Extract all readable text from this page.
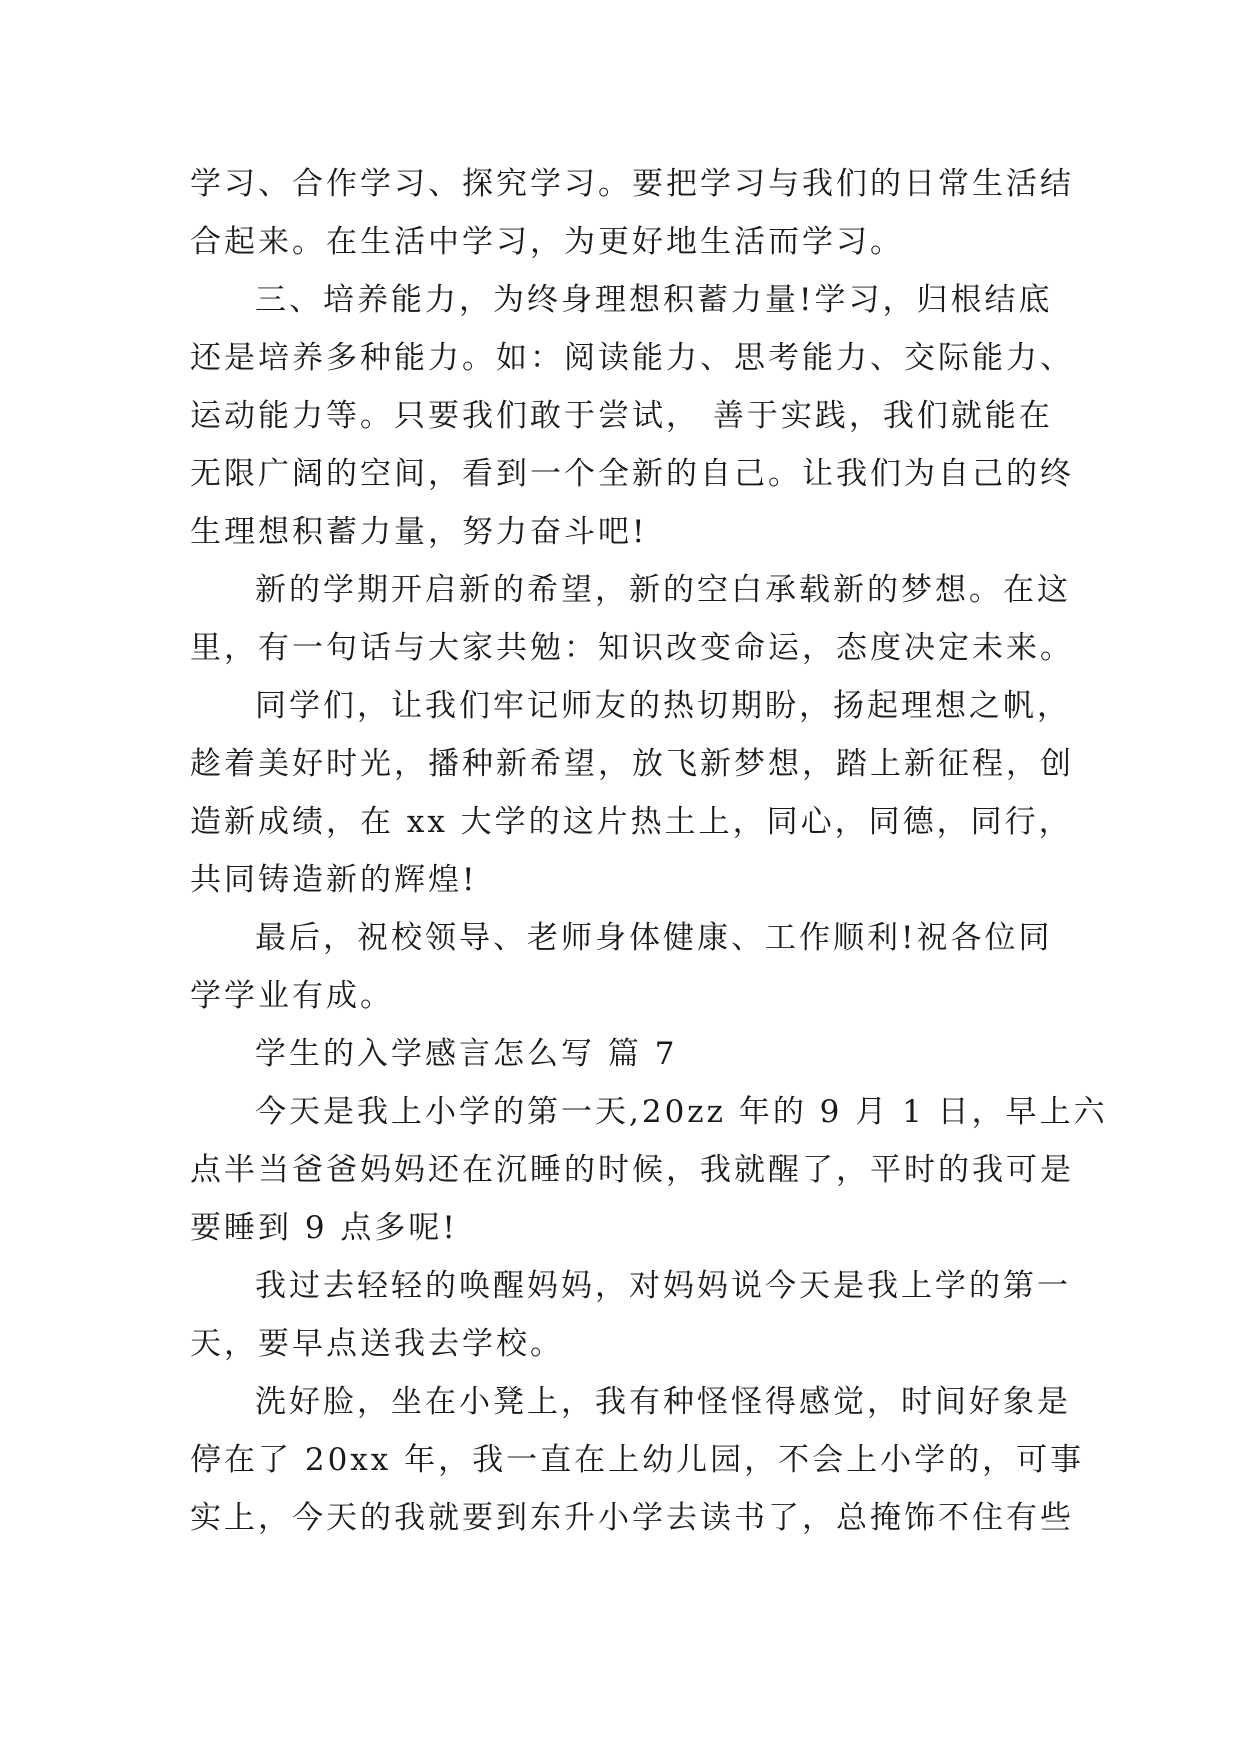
学习、合作学习、探究学习。要把学习与我们的日常生活结
合起来。在生活中学习，为更好地生活而学习。
三、培养能力，为终身理想积蓄力量!学习，归根结底
还是培养多种能力。如：阅读能力、思考能力、交际能力、
运动能力等。只要我们敢于尝试， 善于实践，我们就能在
无限广阔的空间，看到一个全新的自己。让我们为自己的终
生理想积蓄力量，努力奋斗吧!
新的学期开启新的希望，新的空白承载新的梦想。在这
里，有一句话与大家共勉：知识改变命运，态度决定未来。
同学们，让我们牢记师友的热切期盼，扬起理想之帆，
趁着美好时光，播种新希望，放飞新梦想，踏上新征程，创
造新成绩，在 xx 大学的这片热土上，同心，同德，同行，
共同铸造新的辉煌!
最后，祝校领导、老师身体健康、工作顺利!祝各位同
学学业有成。
学生的入学感言怎么写 篇 7
今天是我上小学的第一天,20zz 年的 9 月 1 日，早上六
点半当爸爸妈妈还在沉睡的时候，我就醒了，平时的我可是
要睡到 9 点多呢!
我过去轻轻的唤醒妈妈，对妈妈说今天是我上学的第一
天，要早点送我去学校。
洗好脸，坐在小凳上，我有种怪怪得感觉，时间好象是
停在了 20xx 年，我一直在上幼儿园，不会上小学的，可事
实上，今天的我就要到东升小学去读书了，总掩饰不住有些
